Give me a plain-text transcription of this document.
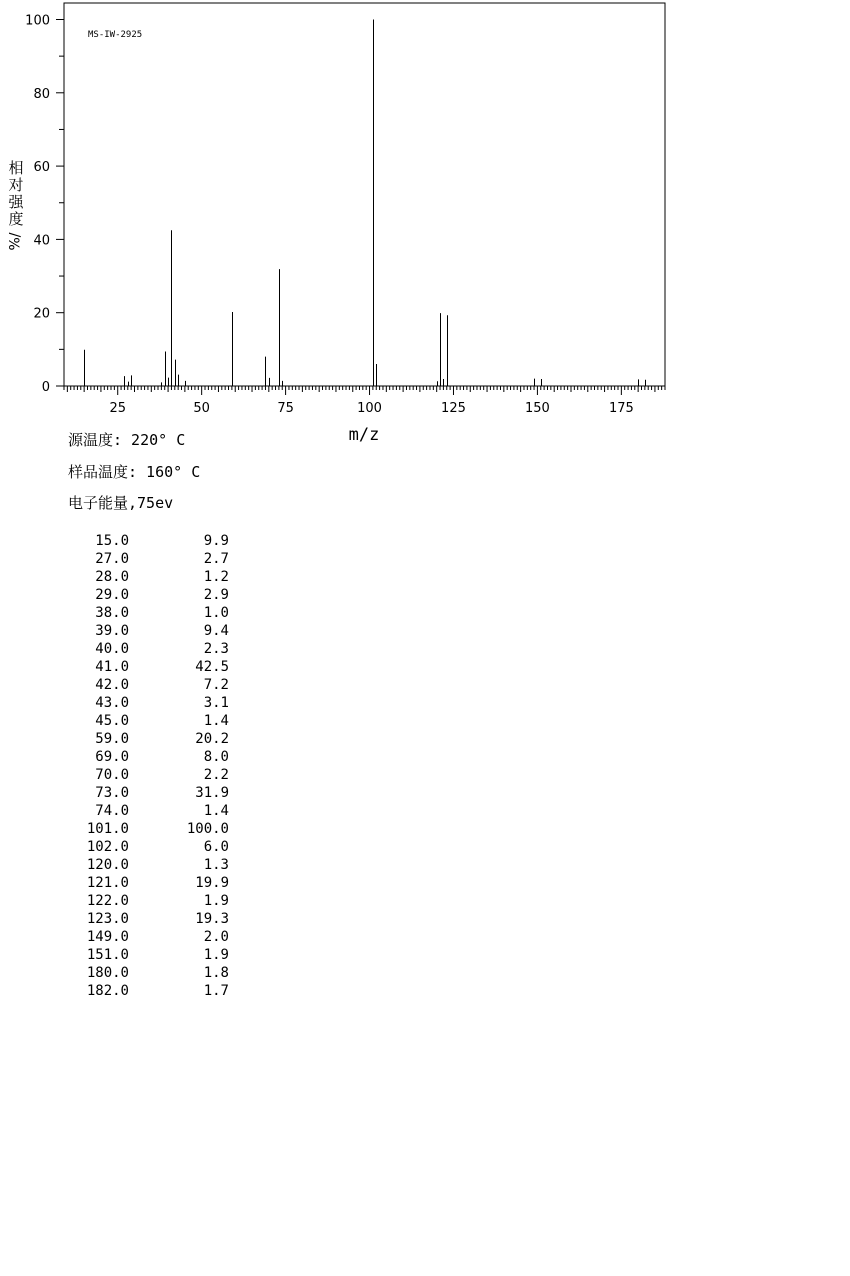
25	50	75	100	125	150	175
0
20
40
60
80
100
MS-IW-2925
m/z
相
对
强
度
%/
源温度: 220° C
样品温度: 160° C
电子能量,75ev
15.0	9.9
27.0	2.7
28.0	1.2
29.0	2.9
38.0	1.0
39.0	9.4
40.0	2.3
41.0	42.5
42.0	7.2
43.0	3.1
45.0	1.4
59.0	20.2
69.0	8.0
70.0	2.2
73.0	31.9
74.0	1.4
101.0	100.0
102.0	6.0
120.0	1.3
121.0	19.9
122.0	1.9
123.0	19.3
149.0	2.0
151.0	1.9
180.0	1.8
182.0	1.7
